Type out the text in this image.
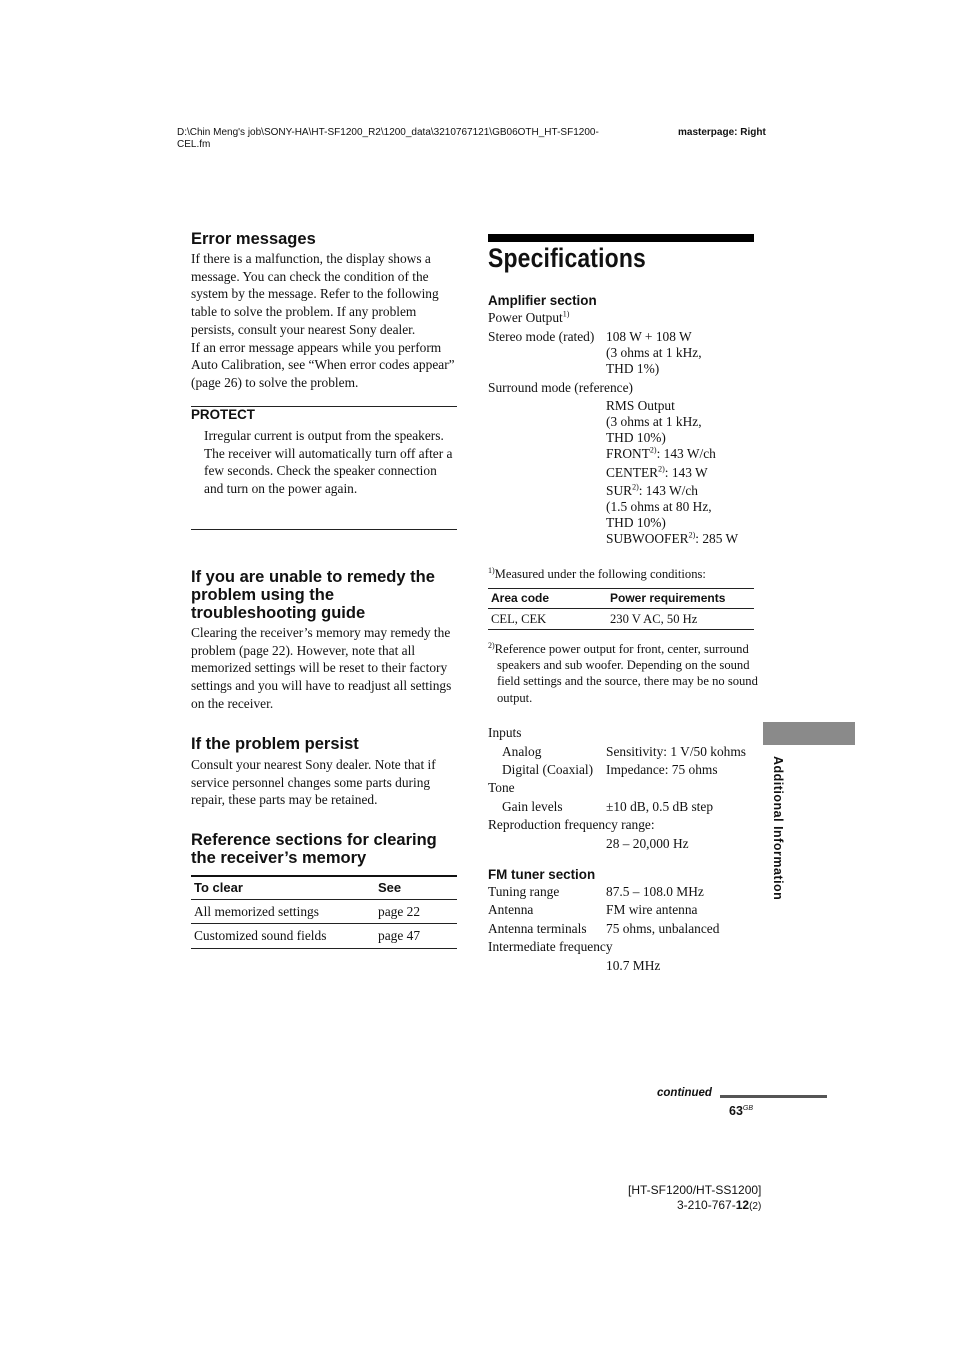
D:\Chin Meng's job\SONY-HA\HT-SF1200_R2\1200_data\3210767121\GB06OTH_HT-SF1200-
CEL.fm
masterpage: Right
Error messages
If there is a malfunction, the display shows a message. You can check the condition of the system by the message. Refer to the following table to solve the problem. If any problem persists, consult your nearest Sony dealer.
If an error message appears while you perform Auto Calibration, see “When error codes appear” (page 26) to solve the problem.
PROTECT
Irregular current is output from the speakers. The receiver will automatically turn off after a few seconds. Check the speaker connection and turn on the power again.
If you are unable to remedy the problem using the troubleshooting guide
Clearing the receiver’s memory may remedy the problem (page 22). However, note that all memorized settings will be reset to their factory settings and you will have to readjust all settings on the receiver.
If the problem persist
Consult your nearest Sony dealer. Note that if service personnel changes some parts during repair, these parts may be retained.
Reference sections for clearing the receiver’s memory
To clear	See
All memorized settings	page 22
Customized sound fields	page 47
Specifications
Amplifier section
Power Output$^{1)}$
Stereo mode (rated) 108 W + 108 W
(3 ohms at 1 kHz,
THD 1%)
Surround mode (reference)
RMS Output
(3 ohms at 1 kHz,
THD 10%)
FRONT$^{2)}$: 143 W/ch
CENTER$^{2)}$: 143 W
SUR$^{2)}$: 143 W/ch
(1.5 ohms at 80 Hz,
THD 10%)
SUBWOOFER$^{2)}$: 285 W
$^{1)}$Measured under the following conditions:
Area code	Power requirements
CEL, CEK	230 V AC, 50 Hz
$^{2)}$Reference power output for front, center, surround speakers and sub woofer. Depending on the sound field settings and the source, there may be no sound output.
Inputs
Analog	Sensitivity: 1 V/50 kohms
Digital (Coaxial) Impedance: 75 ohms
Tone
Gain levels	±10 dB, 0.5 dB step
Reproduction frequency range:
28 – 20,000 Hz
FM tuner section
Tuning range	87.5 – 108.0 MHz
Antenna	FM wire antenna
Antenna terminals 75 ohms, unbalanced
Intermediate frequency
10.7 MHz
Additional Information
continued
$63^{GB}$
[HT-SF1200/HT-SS1200]
3-210-767-12(2)
